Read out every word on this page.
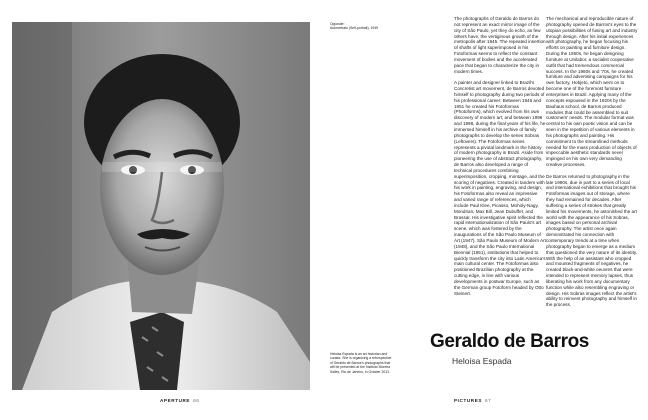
Opposite:
Autorretrato (Self-portrait), 1949
Heloisa Espada is an art historian and curator. She is organizing a retrospective of Geraldo de Barros's photographs that will be presented at the Instituto Moreira Salles, Rio de Janeiro, in October 2013.

The photographs of Geraldo de Barros do not represent an exact mirror image of the city of São Paulo, yet they do echo, as few others have, the vertiginous growth of the metropolis after 1945. The repeated insertion of shafts of light superimposed in his Fotoformas seems to reflect the constant movement of bodies and the accelerated pace that began to characterize the city in modern times.

A painter and designer linked to Brazil's Concretist art movement, de Barros devoted himself to photography during two periods of his professional career: Between 1946 and 1951 he created his Fotoformas (Photoforms), which evolved from his own discovery of modern art; and between 1996 and 1998, during the final years of his life, he immersed himself in his archive of family photographs to develop the series Sobras (Leftovers). The Fotoformas series represents a pivotal landmark in the history of modern photography in Brazil. Aside from pioneering the use of abstract photography, de Barros also developed a range of technical procedures combining superimposition, cropping, montage, and the scoring of negatives. Created in tandem with his work in painting, engraving, and design, his Fotoformas also reveal an impressive and varied range of references, which include Paul Klee, Picasso, Moholy-Nagy, Mondrian, Max Bill, Jean Dubuffet, and Brassaï. His investigative spirit reflected the rapid internationalization of São Paulo's art scene, which was fostered by the inaugurations of the São Paulo Museum of Art (1947), São Paulo Museum of Modern Art (1948), and the São Paulo International Biennial (1951), institutions that helped to quickly transform the city into Latin America's main cultural center. The Fotoformas also positioned Brazilian photography at the cutting edge, in line with various developments in postwar Europe, such as the German group Fotoform headed by Otto Steinert.

The mechanical and reproducible nature of photography opened de Barros's eyes to the utopian possibilities of fusing art and industry through design. After his initial experiences with photography, he began focusing his efforts on painting and furniture design. During the 1950s, he began designing furniture at Unilabor, a socialist cooperative outfit that had tremendous commercial success. In the 1960s and '70s, he created furniture and advertising campaigns for his own factory, Hobjeto, which went on to become one of the foremost furniture enterprises in Brazil. Applying many of the concepts espoused in the 1920s by the Bauhaus school, de Barros produced modules that could be assembled to suit customers' needs. The modular format was central to his own poetic vision and can be seen in the repetition of various elements in his photographs and painting. His commitment to the streamlined methods needed for the mass production of objects of impeccable aesthetic standards never impinged on his own very demanding creative processes.

De Barros returned to photography in the late 1990s, due in part to a series of local and international exhibitions that brought his Fotoformas images out of storage, where they had remained for decades. After suffering a series of strokes that greatly limited his movements, he astonished the art world with the appearance of his Sobras, images based on personal archival photography. The artist once again demonstrated his connection with contemporary trends at a time when photography began to emerge as a medium that questioned the very nature of its identity. With the help of an assistant who cropped and mounted fragments of negatives, he created black-and-white oeuvres that were intended to represent memory lapses, thus liberating his work from any documentary function while also resembling engraving or design. His Sobras images reflect the artist's ability to reinvent photography and himself in the process.

Geraldo de Barros
Heloisa Espada
APERTURE 66	PICTURES 67
